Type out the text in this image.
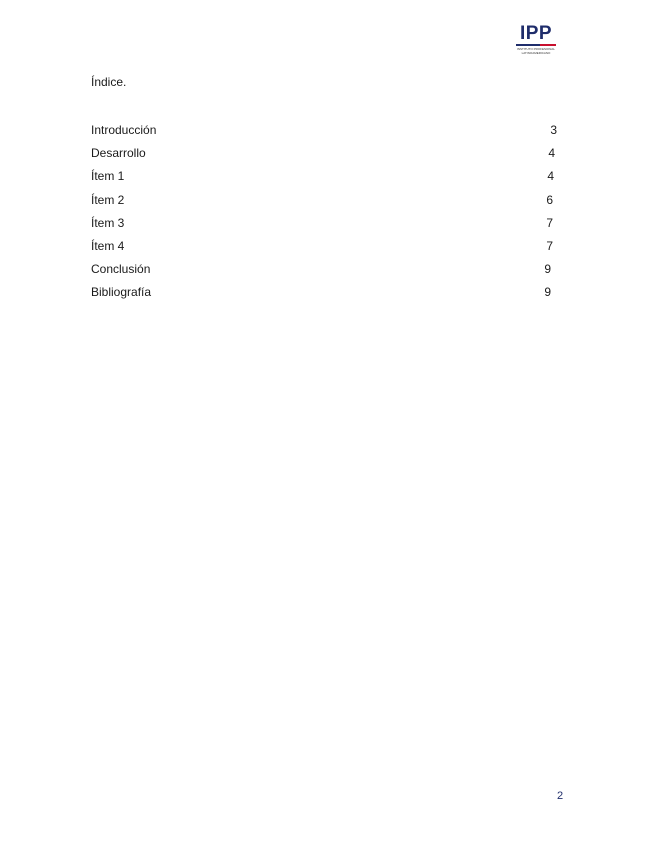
IPP
INSTITUTO PROFESIONAL
LATINOAMERICANO
Índice.
Introducción	3
Desarrollo	4
Ítem 1	4
Ítem 2	6
Ítem 3	7
Ítem 4	7
Conclusión	9
Bibliografía	9
2
